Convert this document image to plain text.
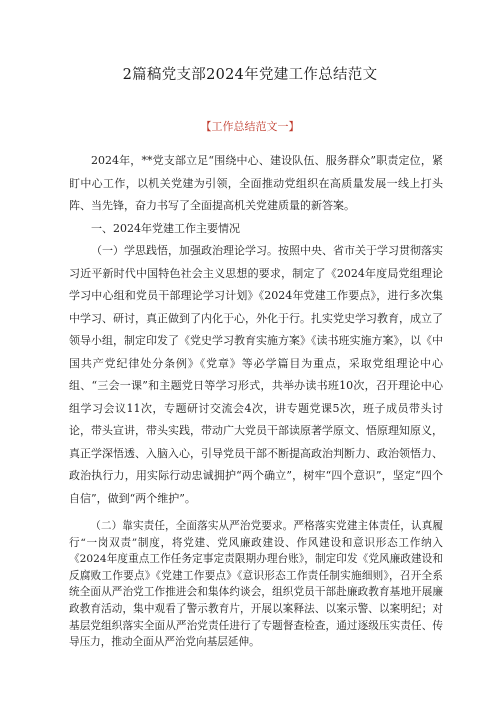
2篇稿党支部2024年党建工作总结范文
【工作总结范文一】

2024年，**党支部立足“围绕中心、建设队伍、服务群众”职责定位，紧盯中心工作，以机关党建为引领，全面推动党组织在高质量发展一线上打头阵、当先锋，奋力书写了全面提高机关党建质量的新答案。

一、2024年党建工作主要情况

（一）学思践悟，加强政治理论学习。按照中央、省市关于学习贯彻落实习近平新时代中国特色社会主义思想的要求，制定了《2024年度局党组理论学习中心组和党员干部理论学习计划》《2024年党建工作要点》，进行多次集中学习、研讨，真正做到了内化于心，外化于行。扎实党史学习教育，成立了领导小组，制定印发了《党史学习教育实施方案》《读书班实施方案》，以《中国共产党纪律处分条例》《党章》等必学篇目为重点，采取党组理论中心组、“三会一课”和主题党日等学习形式，共举办读书班10次，召开理论中心组学习会议11次，专题研讨交流会4次，讲专题党课5次，班子成员带头讨论，带头宣讲，带头实践，带动广大党员干部读原著学原文、悟原理知原义，真正学深悟透、入脑入心，引导党员干部不断提高政治判断力、政治领悟力、政治执行力，用实际行动忠诚拥护“两个确立”，树牢“四个意识”，坚定“四个自信”，做到“两个维护”。

（二）靠实责任，全面落实从严治党要求。严格落实党建主体责任，认真履行“一岗双责”制度，将党建、党风廉政建设、作风建设和意识形态工作纳入《2024年度重点工作任务定事定责限期办理台账》，制定印发《党风廉政建设和反腐败工作要点》《党建工作要点》《意识形态工作责任制实施细则》，召开全系统全面从严治党工作推进会和集体约谈会，组织党员干部赴廉政教育基地开展廉政教育活动，集中观看了警示教育片，开展以案释法、以案示警、以案明纪；对基层党组织落实全面从严治党责任进行了专题督查检查，通过逐级压实责任、传导压力，推动全面从严治党向基层延伸。
